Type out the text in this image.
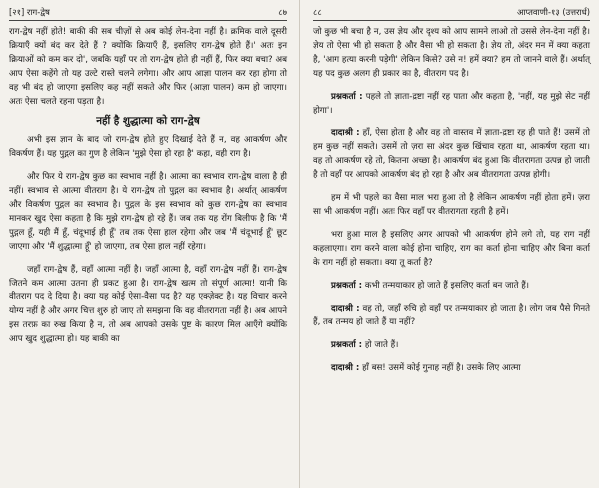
[२१] राग-द्वेष	८७

राग-द्वेष नहीं होते! बाकी की सब चीज़ों से अब कोई लेन-देना नहीं है। क्रमिक वाले दूसरी क्रियाएँ क्यों बंद कर देते हैं ? क्योंकि क्रियाएँ हैं, इसलिए राग-द्वेष होते हैं।' अतः इन क्रियाओं को कम कर दो', जबकि यहाँ पर तो राग-द्वेष होते ही नहीं हैं, फिर क्या बचा? अब आप ऐसा कहेंगे तो यह उल्टे रास्ते चलने लगेगा। और आप आज्ञा पालन कर रहा होगा तो वह भी बंद हो जाएगा इसलिए कह नहीं सकते और फिर (आज्ञा पालन) कम हो जाएगा। अतः ऐसा चलते रहना पड़ता है।

नहीं है शुद्धात्मा को राग-द्वेष

अभी इस ज्ञान के बाद जो राग-द्वेष होते हुए दिखाई देते हैं न, वह आकर्षण और विकर्षण हैं। यह पुद्गल का गुण है लेकिन 'मुझे ऐसा हो रहा है' कहा, वही राग है।

और फिर ये राग-द्वेष कुछ का स्वभाव नहीं है। आत्मा का स्वभाव राग-द्वेष वाला है ही नहीं। स्वभाव से आत्मा वीतराग है। ये राग-द्वेष तो पुद्गल का स्वभाव है। अर्थात् आकर्षण और विकर्षण पुद्गल का स्वभाव है। पुद्गल के इस स्वभाव को कुछ राग-द्वेष का स्वभाव मानकर खुद ऐसा कहता है कि मुझे राग-द्वेष हो रहे हैं। जब तक यह रोंग बिलीफ है कि 'मैं पुद्गल हूँ, यही मैं हूँ, चंदूभाई ही हूँ' तब तक ऐसा हाल रहेगा और जब 'मैं चंदूभाई हूँ' छूट जाएगा और 'मैं शुद्धात्मा हूँ' हो जाएगा, तब ऐसा हाल नहीं रहेगा।

जहाँ राग-द्वेष हैं, वहाँ आत्मा नहीं है। जहाँ आत्मा है, वहाँ राग-द्वेष नहीं हैं। राग-द्वेष जितने कम आत्मा उतना ही प्रकट हुआ है। राग-द्वेष खत्म तो संपूर्ण आत्मा! यानी कि वीतराग पद दे दिया है। क्या यह कोई ऐसा-वैसा पद है? यह एक्ज़ेक्ट है। यह विचार करने योग्य नहीं है और अगर चित्त शुरु हो जाए तो समझना कि वह वीतरागता नहीं है। अब आपने इस तरफ़ का रुख किया है न, तो अब आपको उसके पुष्ट के कारण मिल आएँगे क्योंकि आप खुद शुद्धात्मा हो। यह बाकी का

८८	आप्तवाणी-१३ (उत्तरार्ध)

जो कुछ भी बचा है न, उस ज्ञेय और दृश्य को आप सामने लाओ तो उससे लेन-देना नहीं है। ज्ञेय तो ऐसा भी हो सकता है और वैसा भी हो सकता है। ज्ञेय तो, अंदर मन में क्या कहता है, 'आग हत्या करनी पड़ेगी' लेकिन किसे? उसे न! हमें क्या? हम तो जानने वाले हैं। अर्थात् यह पद कुछ अलग ही प्रकार का है, वीतराग पद है।

प्रश्नकर्ता : पहले तो ज्ञाता-द्रष्टा नहीं रह पाता और कहता है, 'नहीं, यह मुझे सेट नहीं होगा'।

दादाश्री : हाँ, ऐसा होता है और वह तो वास्तव में ज्ञाता-द्रष्टा रह ही पाते हैं! उसमें तो हम कुछ नहीं सकते। उसमें तो ज़रा सा अंदर कुछ खिंचाव रहता था, आकर्षण रहता था। वह तो आकर्षण रहे तो, कितना अच्छा है। आकर्षण बंद हुआ कि वीतरागता उत्पन्न हो जाती है तो वहाँ पर आपको आकर्षण बंद हो रहा है और अब वीतरागता उत्पन्न होगी।

हम में भी पहले का वैसा माल भरा हुआ तो है लेकिन आकर्षण नहीं होता हमें। ज़रा सा भी आकर्षण नहीं। अतः फिर वहाँ पर वीतरागता रहती है हमें।

भरा हुआ माल है इसलिए अगर आपको भी आकर्षण होने लगे तो, यह राग नहीं कहलाएगा। राग करने वाला कोई होना चाहिए, राग का कर्ता होना चाहिए और बिना कर्ता के राग नहीं हो सकता। क्या तू कर्ता है?

प्रश्नकर्ता : कभी तन्मयाकार हो जाते हैं इसलिए कर्ता बन जाते हैं।

दादाश्री : वह तो, जहाँ रुचि हो वहाँ पर तन्मयाकार हो जाता है। लोग जब पैसे गिनते हैं, तब तन्मय हो जाते हैं या नहीं?

प्रश्नकर्ता : हो जाते हैं।

दादाश्री : हाँ बस! उसमें कोई गुनाह नहीं है। उसके लिए आत्मा
